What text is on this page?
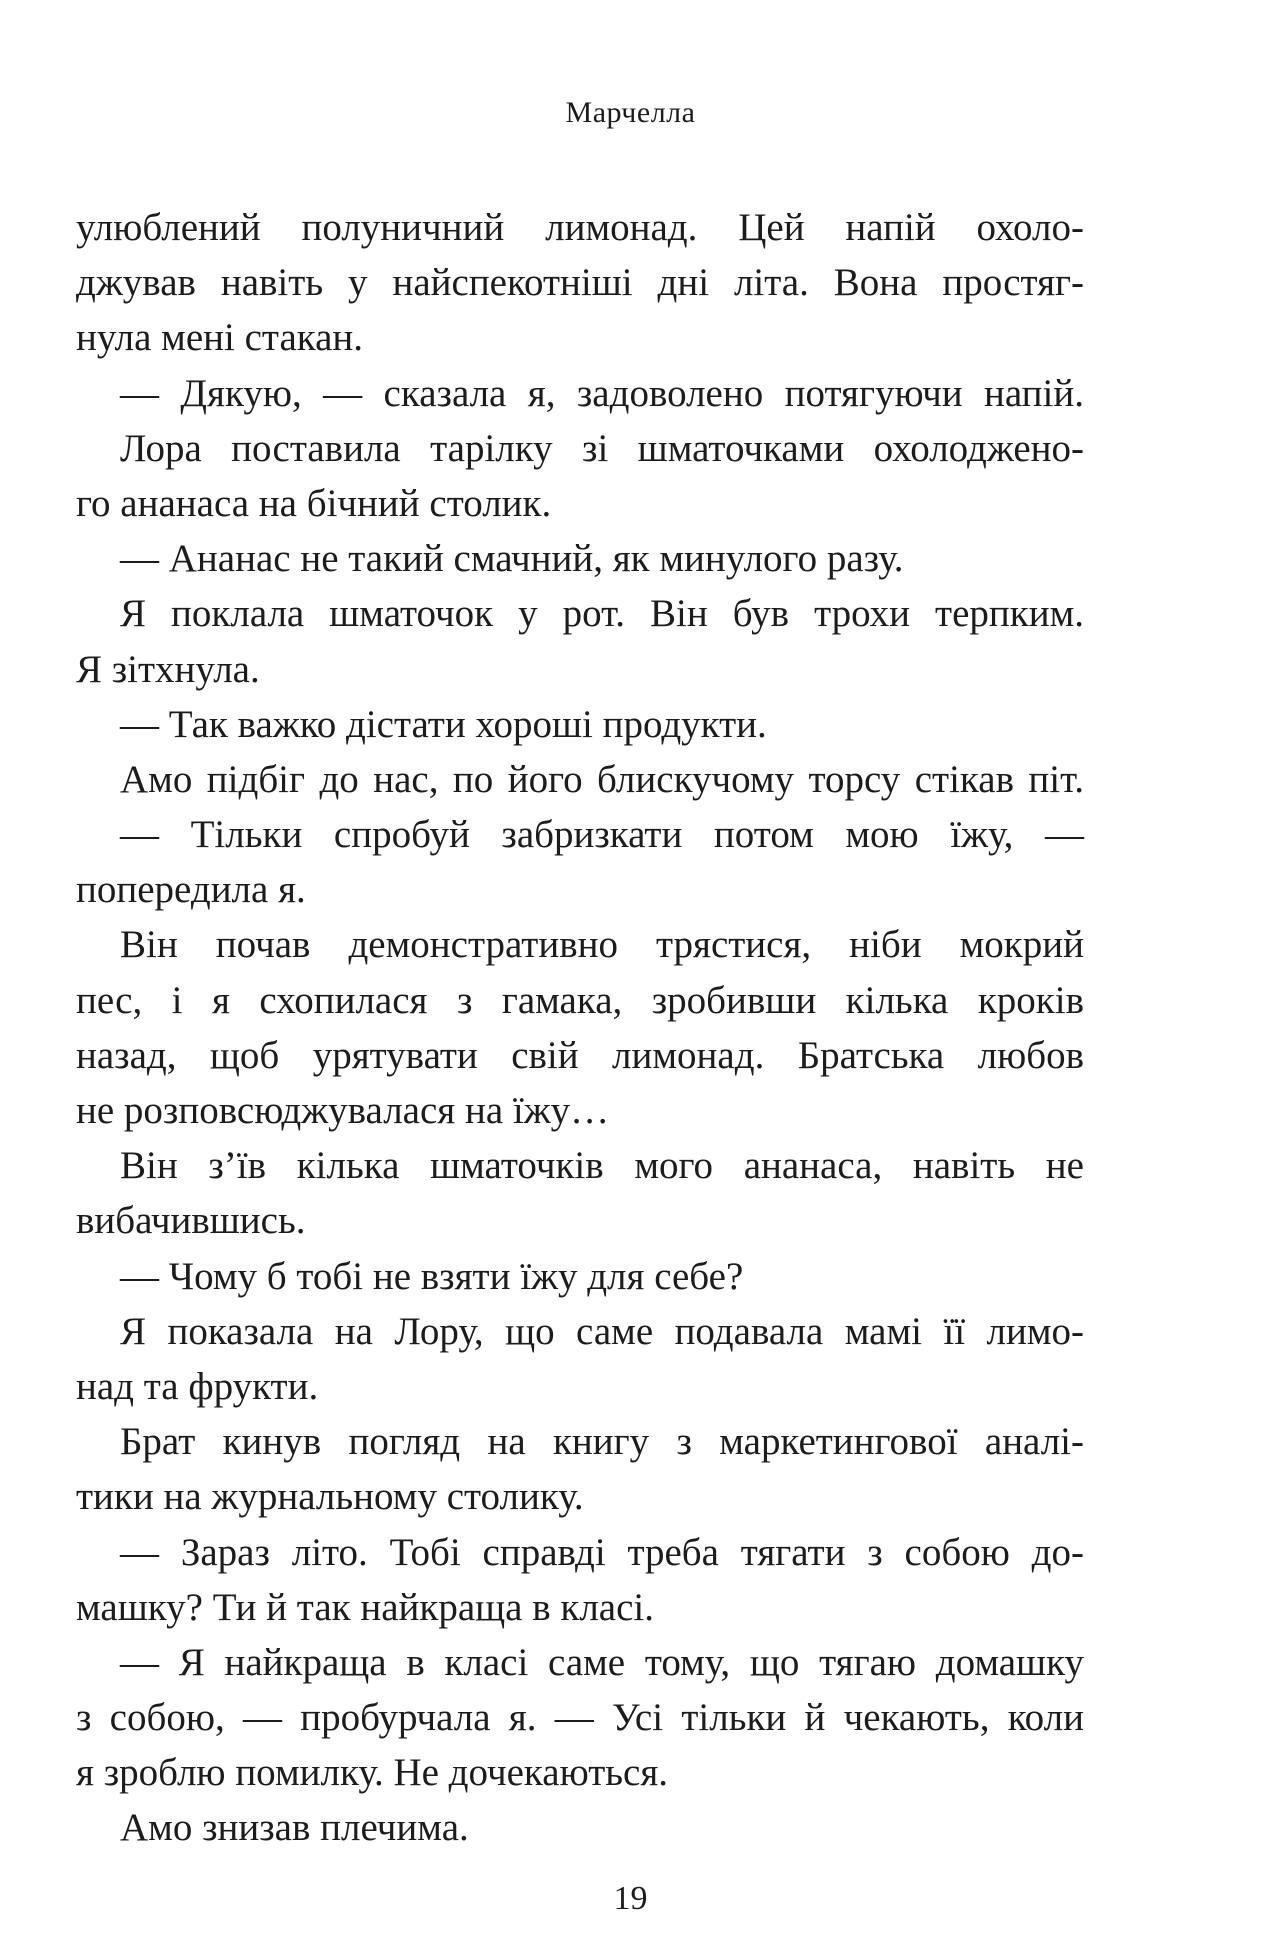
Марчелла
улюблений полуничний лимонад. Цей напій охоло-
джував навіть у найспекотніші дні літа. Вона простяг-
нула мені стакан.
— Дякую, — сказала я, задоволено потягуючи напій.
Лора поставила тарілку зі шматочками охолоджено-
го ананаса на бічний столик.
— Ананас не такий смачний, як минулого разу.
Я поклала шматочок у рот. Він був трохи терпким.
Я зітхнула.
— Так важко дістати хороші продукти.
Амо підбіг до нас, по його блискучому торсу стікав піт.
— Тільки спробуй забризкати потом мою їжу, —
попередила я.
Він почав демонстративно трястися, ніби мокрий
пес, і я схопилася з гамака, зробивши кілька кроків
назад, щоб урятувати свій лимонад. Братська любов
не розповсюджувалася на їжу…
Він з’їв кілька шматочків мого ананаса, навіть не
вибачившись.
— Чому б тобі не взяти їжу для себе?
Я показала на Лору, що саме подавала мамі її лимо-
над та фрукти.
Брат кинув погляд на книгу з маркетингової аналі-
тики на журнальному столику.
— Зараз літо. Тобі справді треба тягати з собою до-
машку? Ти й так найкраща в класі.
— Я найкраща в класі саме тому, що тягаю домашку
з собою, — пробурчала я. — Усі тільки й чекають, коли
я зроблю помилку. Не дочекаються.
Амо знизав плечима.
19
